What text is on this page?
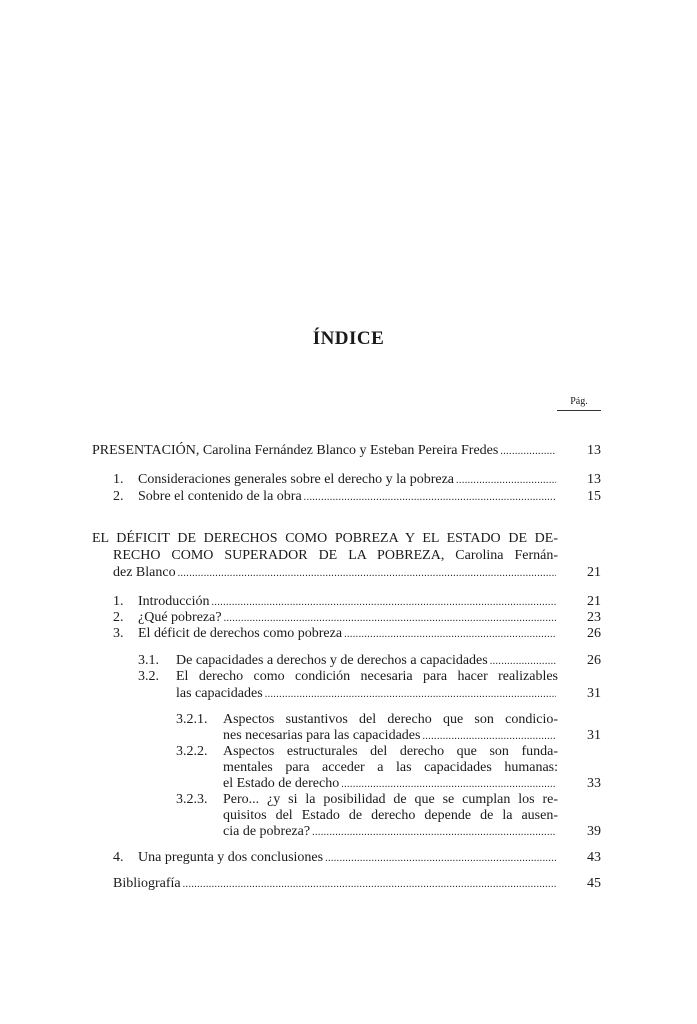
ÍNDICE
Pág.
PRESENTACIÓN, Carolina Fernández Blanco y Esteban Pereira Fredes .....	13
1. Consideraciones generales sobre el derecho y la pobreza .....	13
2. Sobre el contenido de la obra .....	15
EL DÉFICIT DE DERECHOS COMO POBREZA Y EL ESTADO DE DE-
RECHO COMO SUPERADOR DE LA POBREZA, Carolina Fernán-
dez Blanco .....	21
1. Introducción .....	21
2. ¿Qué pobreza? .....	23
3. El déficit de derechos como pobreza .....	26
3.1. De capacidades a derechos y de derechos a capacidades .....	26
3.2. El derecho como condición necesaria para hacer realizables
las capacidades .....	31
3.2.1. Aspectos sustantivos del derecho que son condicio-
nes necesarias para las capacidades .....	31
3.2.2. Aspectos estructurales del derecho que son funda-
mentales para acceder a las capacidades humanas:
el Estado de derecho .....	33
3.2.3. Pero... ¿y si la posibilidad de que se cumplan los re-
quisitos del Estado de derecho depende de la ausen-
cia de pobreza? .....	39
4. Una pregunta y dos conclusiones .....	43
Bibliografía .....	45
